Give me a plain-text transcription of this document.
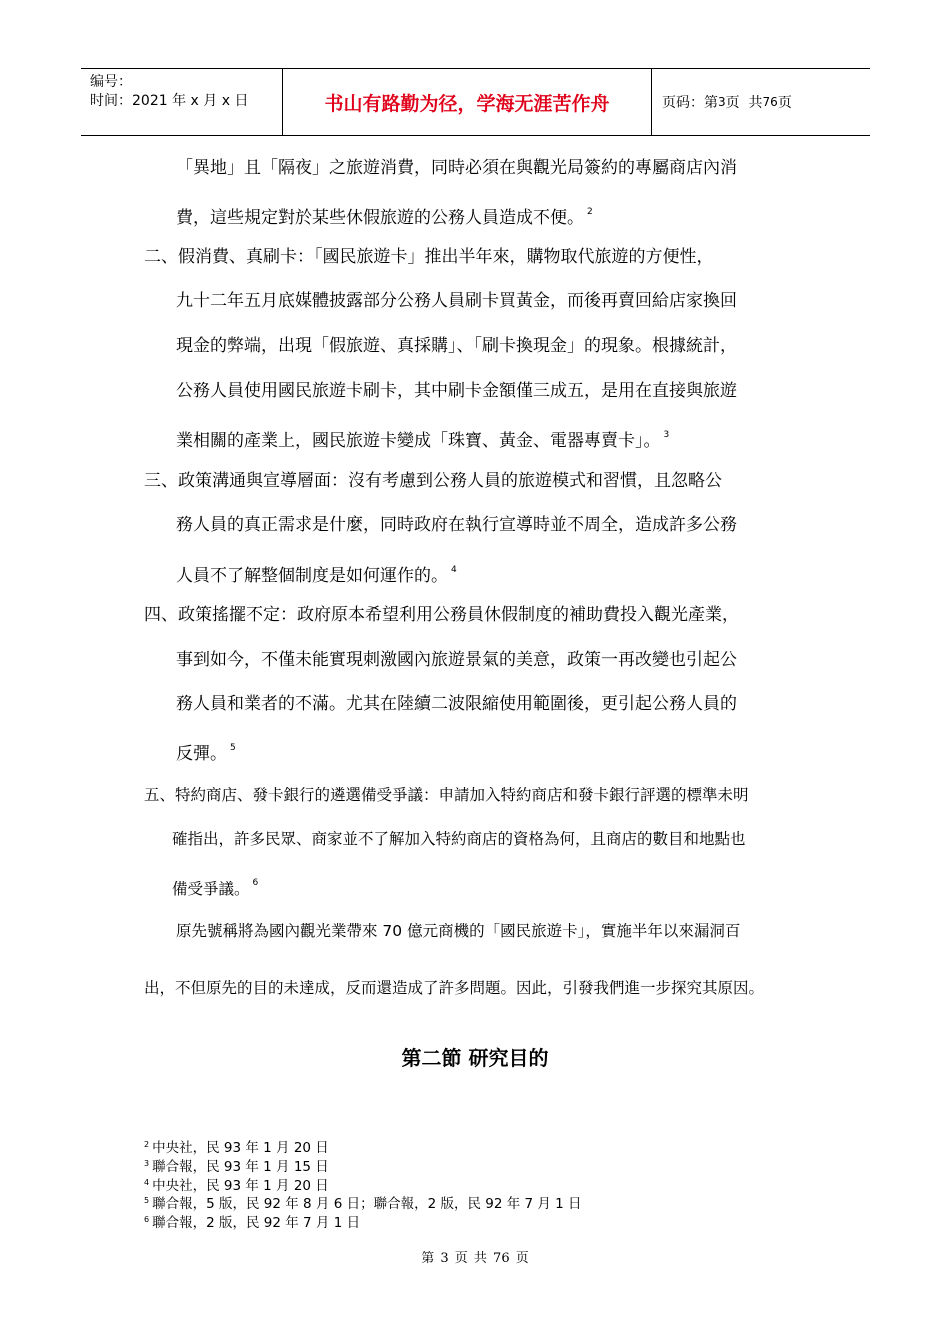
编号：
时间：2021 年 x 月 x 日	书山有路勤为径，学海无涯苦作舟	页码：第 3 页  共 76 页
「異地」且「隔夜」之旅遊消費，同時必須在與觀光局簽約的專屬商店內消
費，這些規定對於某些休假旅遊的公務人員造成不便。 $^2$
二、假消費、真刷卡：「國民旅遊卡」推出半年來，購物取代旅遊的方便性，
九十二年五月底媒體披露部分公務人員刷卡買黃金，而後再賣回給店家換回
現金的弊端，出現「假旅遊、真採購」、「刷卡換現金」的現象。根據統計，
公務人員使用國民旅遊卡刷卡，其中刷卡金額僅三成五，是用在直接與旅遊
業相關的產業上，國民旅遊卡變成「珠寶、黃金、電器專賣卡」。 $^3$
三、政策溝通與宣導層面：沒有考慮到公務人員的旅遊模式和習慣，且忽略公
務人員的真正需求是什麼，同時政府在執行宣導時並不周全，造成許多公務
人員不了解整個制度是如何運作的。 $^4$
四、政策搖擺不定：政府原本希望利用公務員休假制度的補助費投入觀光產業，
事到如今，不僅未能實現刺激國內旅遊景氣的美意，政策一再改變也引起公
務人員和業者的不滿。尤其在陸續二波限縮使用範圍後，更引起公務人員的
反彈。 $^5$
五、特約商店、發卡銀行的遴選備受爭議：申請加入特約商店和發卡銀行評選的標準未明
確指出，許多民眾、商家並不了解加入特約商店的資格為何，且商店的數目和地點也
備受爭議。 $^6$
原先號稱將為國內觀光業帶來 70 億元商機的「國民旅遊卡」，實施半年以來漏洞百
出，不但原先的目的未達成，反而還造成了許多問題。因此，引發我們進一步探究其原因。
第二節 研究目的
$^2$ 中央社，民 93 年 1 月 20 日
$^3$ 聯合報，民 93 年 1 月 15 日
$^4$ 中央社，民 93 年 1 月 20 日
$^5$ 聯合報，5 版，民 92 年 8 月 6 日；聯合報，2 版，民 92 年 7 月 1 日
$^6$ 聯合報，2 版，民 92 年 7 月 1 日
第 3 页 共 76 页
